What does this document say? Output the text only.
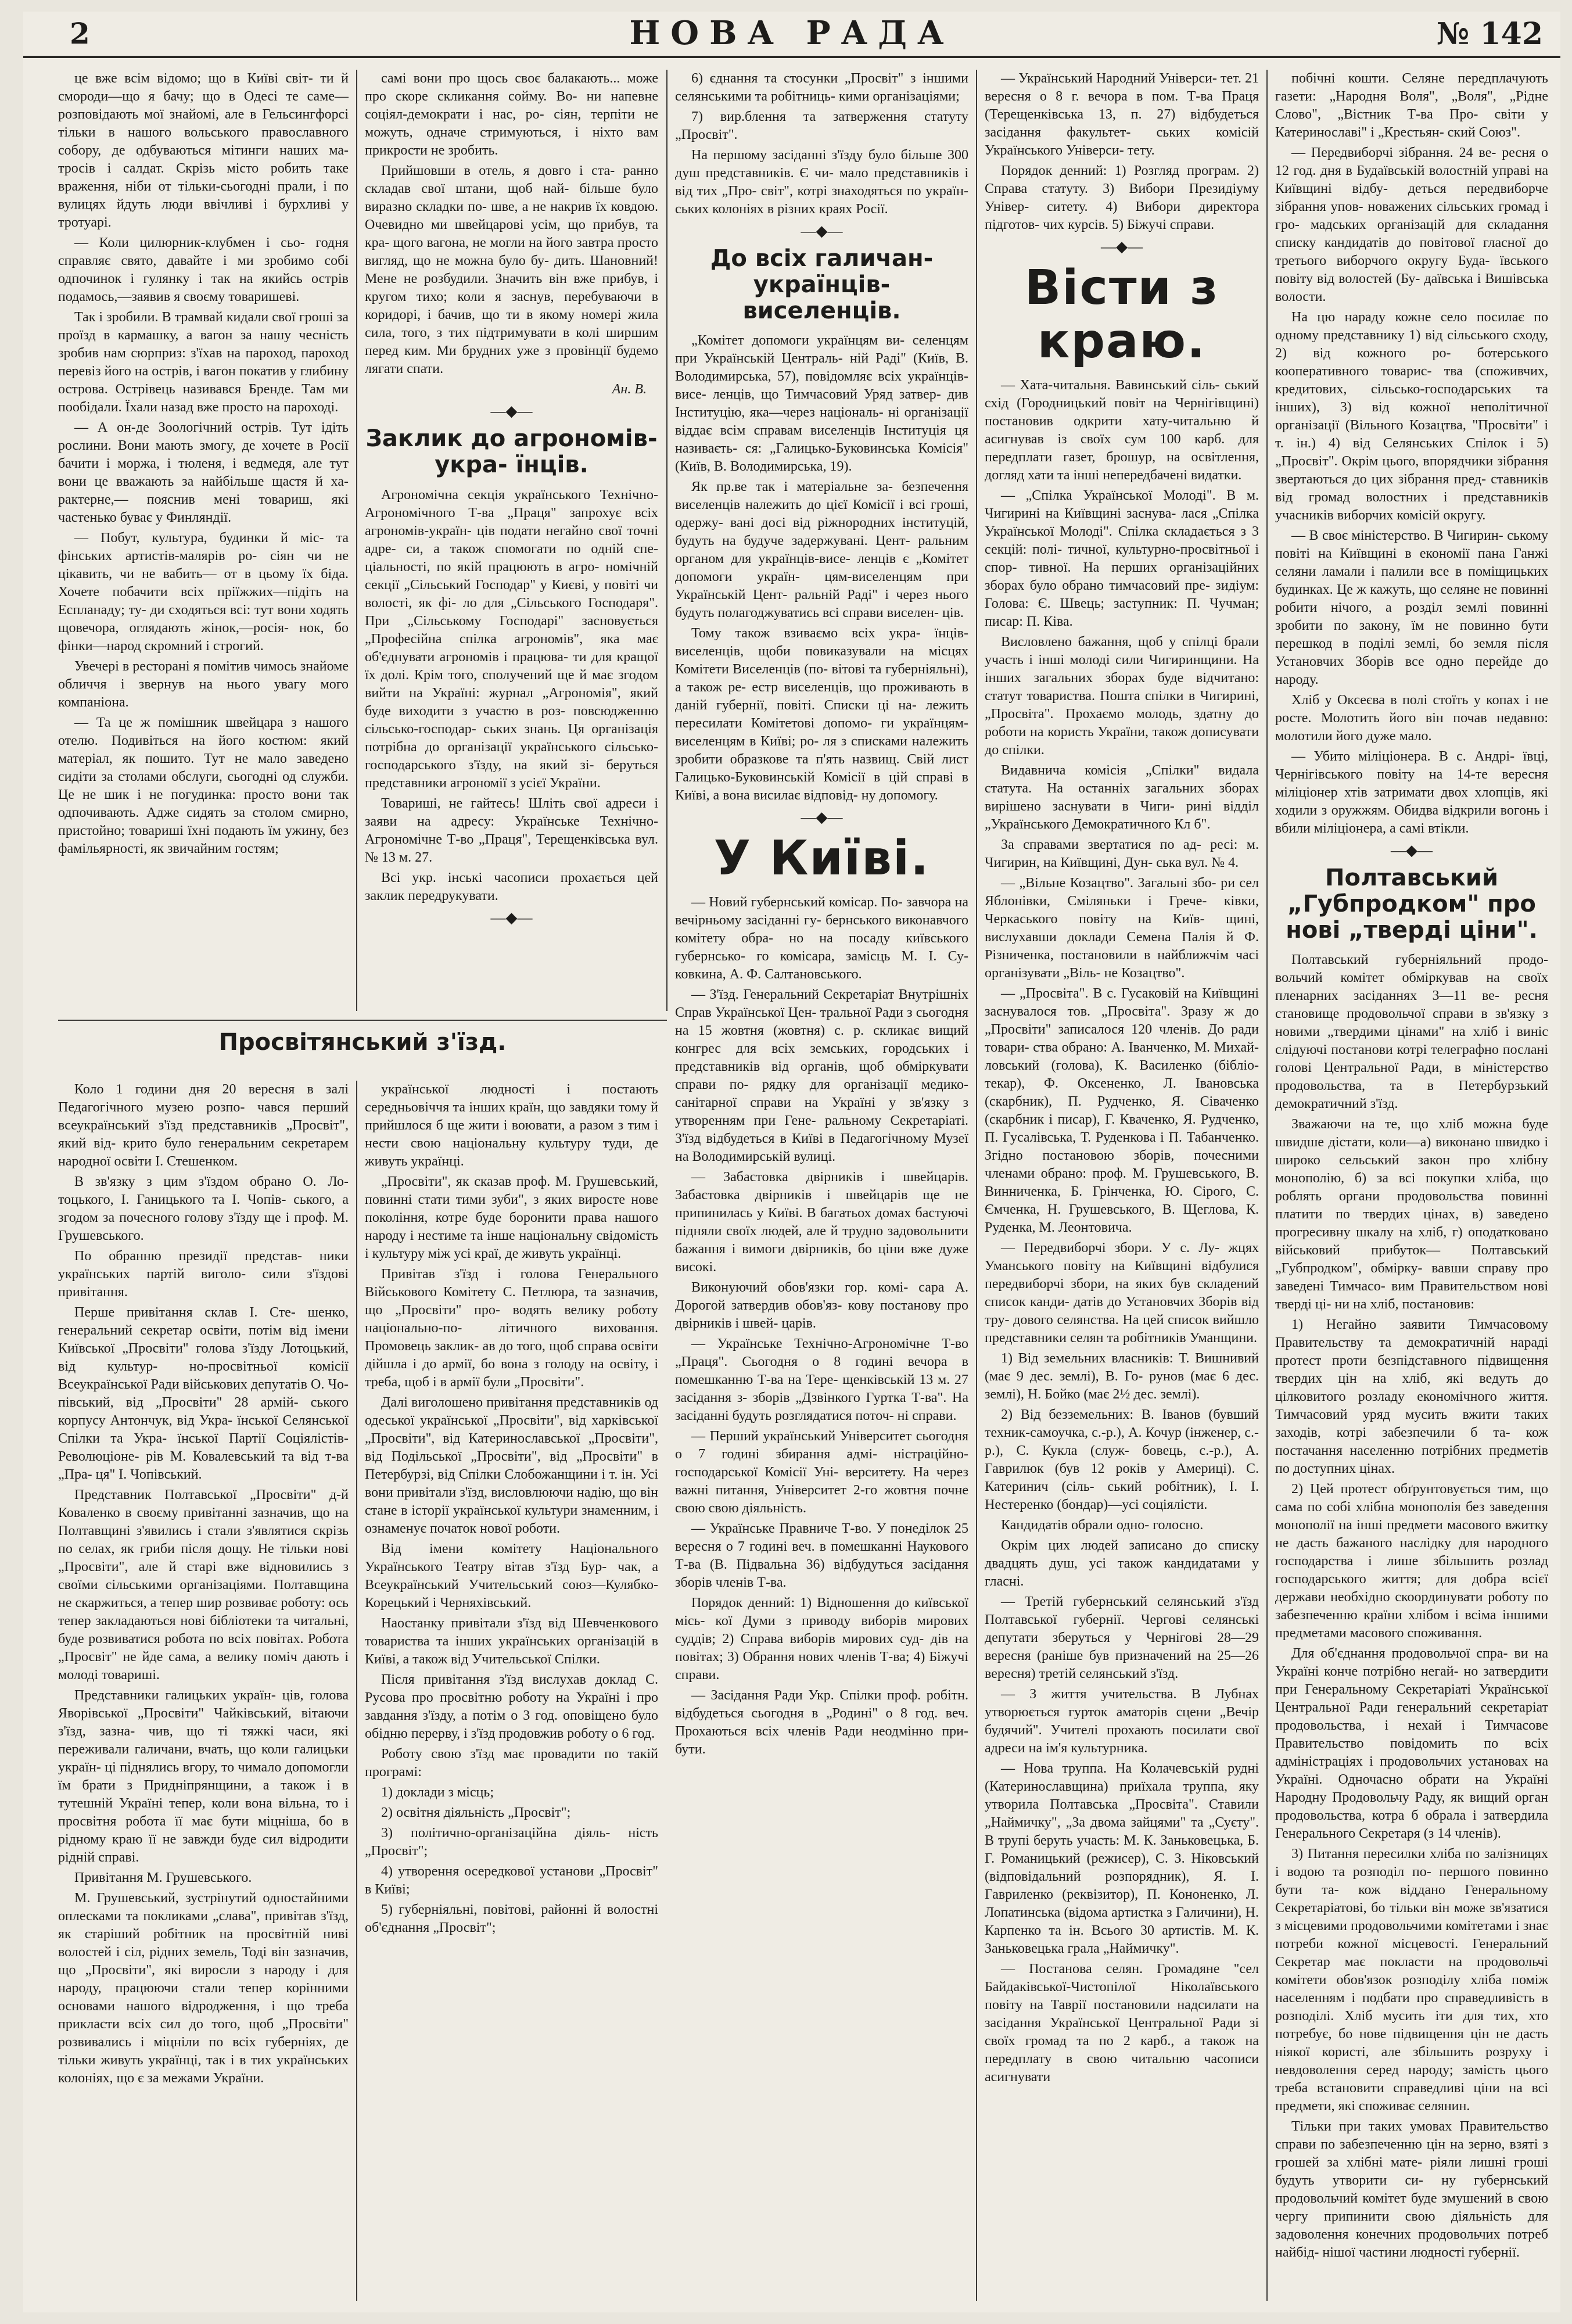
2	НОВА РАДА	№ 142

це вже всім відомо; що в Київі світ- ти й смороди—що я бачу; що в Одесі те саме—розповідають мої знайомі, але в Гельсингфорсі тільки в нашого вольського православного собору, де одбуваються мітинги наших ма- тросів і салдат. Скрізь місто робить таке враження, ніби от тільки-сьогодні прали, і по вулицях йдуть люди ввічливі і бурхливі у тротуарі.

— Коли цилюрник-клубмен і сьо- годня справляє свято, давайте і ми зробимо собі одпочинок і гулянку і так на якийсь острів подамось,—заявив я своєму товаришеві.

Так і зробили. В трамвай кидали свої гроші за проїзд в кармашку, а вагон за нашу чесність зробив нам сюрприз: з'їхав на пароход, пароход перевіз його на острів, і вагон покатив у глибину острова. Острівець називався Бренде. Там ми пообідали. Їхали назад вже просто на пароході.

— А он-де Зоологічний острів. Тут ідіть рослини. Вони мають змогу, де хочете в Росії бачити і моржа, і тюленя, і ведмедя, але тут вони це вважають за найбільше щастя й ха- рактерне,— пояснив мені товариш, які частенько буває у Финляндії.

— Побут, культура, будинки й міс- та фінських артистів-малярів ро- сіян чи не цікавить, чи не вабить— от в цьому їх біда. Хочете побачити всіх пріїжжих—підіть на Еспланаду; ту- ди сходяться всі: тут вони ходять щовечора, оглядають жінок,—росія- нок, бо фінки—народ скромний і строгий.

Увечері в ресторані я помітив чимось знайоме обличчя і звернув на нього увагу мого компаніона.

— Та це ж помішник швейцара з нашого отелю. Подивіться на його костюм: який матеріал, як пошито. Тут не мало заведено сидіти за столами обслуги, сьогодні од служби. Це не шик і не погудинка: просто вони так одпочивають. Адже сидять за столом смирно, пристойно; товариші їхні подають їм ужину, без фамільярності, як звичайним гостям;

самі вони про щось своє балакають... може про скоре скликання сойму. Во- ни напевне соціял-демократи і нас, ро- сіян, терпіти не можуть, одначе стримуються, і ніхто вам прикрости не зробить.

Прийшовши в отель, я довго і ста- ранно складав свої штани, щоб най- більше було виразно складки по- шве, а не накрив їх ковдою. Очевидно ми швейцарові усім, що прибув, та кра- щого вагона, не могли на його завтра просто вигляд, що не можна було бу- дить. Шановний! Мене не розбудили. Значить він вже прибув, і кругом тихо; коли я заснув, перебуваючи в коридорі, і бачив, що ти в якому номері жила сила, того, з тих підтримувати в колі ширшим перед ким. Ми брудних уже з провінції будемо лягати спати.

Ан. В.

—◆—
Заклик до агрономів-укра- їнців.

Агрономічна секція українського Технічно-Агрономічного Т-ва „Праця" запрохує всіх агрономів-україн- ців подати негайно свої точні адре- си, а також спомогати по одній спе- ціальності, по якій працюють в агро- номічній секції „Сільський Господар" у Києві, у повіті чи волості, як фі- ло для „Сільського Господаря". При „Сільському Господарі" засновується „Професійна спілка агрономів", яка має об'єднувати агрономів і працюва- ти для кращої їх долі. Крім того, сполучений ще й має згодом вийти на Україні: журнал „Агрономія", який буде виходити з участю в роз- повсюдженню сільсько-господар- ських знань. Ця організація потрібна до організації українського сільсько- господарського з'їзду, на який зі- беруться представники агрономії з усієї України.

Товариші, не гайтесь! Шліть свої адреси і заяви на адресу: Українське Технічно-Агрономічне Т-во „Праця", Терещенківська вул. № 13 м. 27.

Всі укр. інські часописи прохається цей заклик передрукувати.

—◆—

6) єднання та стосунки „Просвіт" з іншими селянськими та робітниць- кими організаціями;

7) вир.блення та затверження статуту „Просвіт".

На першому засіданні з'їзду було більше 300 душ представників. Є чи- мало представників і від тих „Про- світ", котрі знаходяться по україн- ських колоніях в різних краях Росії.

—◆—
До всіх галичан-українців- виселенців.

„Комітет допомоги українцям ви- селенцям при Українській Централь- ній Раді" (Київ, В. Володимирська, 57), повідомляє всіх українців-висе- ленців, що Тимчасовий Уряд затвер- див Інституцію, яка—через національ- ні організації віддає всім справам виселенців Інституція ця називаєть- ся: „Галицько-Буковинська Комісія" (Київ, В. Володимирська, 19).

Як пр.ве так і матеріальне за- безпечення виселенців належить до цієї Комісії і всі гроші, одержу- вані досі від ріжнородних інституцій, будуть на будуче задержувані. Цент- ральним органом для українців-висе- ленців є „Комітет допомоги україн- цям-виселенцям при Українській Цент- ральній Раді" і через нього будуть полагоджуватись всі справи виселен- ців.

Тому також взиваємо всіх укра- їнців-виселенців, щоби повиказували на місцях Комітети Виселенців (по- вітові та губерніяльні), а також ре- естр виселенців, що проживають в даній губернії, повіті. Списки ці на- лежить пересилати Комітетові допомо- ги українцям-виселенцям в Київі; ро- ля з списками належить зробити образкове та п'ять назвищ. Свій лист Галицько-Буковинській Комісії в цій справі в Київі, а вона висилає відповід- ну допомогу.

—◆—
У Київі.

— Новий губернський комісар. По- завчора на вечірньому засіданні гу- бернського виконавчого комітету обра- но на посаду київського губернсько- го комісара, замісць М. І. Су- ковкина, А. Ф. Салтановського.

— З'їзд. Генеральний Секретаріат Внутрішніх Справ Української Цен- тральної Ради з сьогодня на 15 жовтня (жовтня) с. р. скликає вищий конгрес для всіх земських, городських і представників від органів, щоб обміркувати справи по- рядку для організації медико-санітарної справи на Україні у зв'язку з утворенням при Гене- ральному Секретаріаті. З'їзд відбудеться в Київі в Педагогічному Музеї на Володимирській вулиці.

— Забастовка двірників і швейцарів. Забастовка двірників і швейцарів ще не припинилась у Київі. В багатьох домах бастуючі підняли своїх людей, але й трудно задовольнити бажання і вимоги двірників, бо ціни вже дуже високі.

Виконуючий обов'язки гор. комі- сара А. Дорогой затвердив обов'яз- кову постанову про двірників і швей- царів.

— Українське Технічно-Агрономічне Т-во „Праця". Сьогодня о 8 годині вечора в помешканню Т-ва на Тере- щенківській 13 м. 27 засідання з- зборів „Дзвінкого Гуртка Т-ва". На засіданні будуть розглядатися поточ- ні справи.

— Перший український Університет сьогодня о 7 годині збирання адмі- ністраційно-господарської Комісії Уні- верситету. На через важні питання, Університет 2-го жовтня почне свою свою діяльність.

— Українське Правниче Т-во. У понеділок 25 вересня о 7 годині веч. в помешканні Наукового Т-ва (В. Підвальна 36) відбудуться засідання зборів членів Т-ва.

Порядок денний: 1) Відношення до київської місь- кої Думи з приводу виборів мирових суддів; 2) Справа виборів мирових суд- дів на повітах; 3) Обрання нових членів Т-ва; 4) Біжучі справи.

— Засідання Ради Укр. Спілки проф. робітн. відбудеться сьогодня в „Родині" о 8 год. веч. Прохаються всіх членів Ради неодмінно при- бути.

— Український Народний Універси- тет. 21 вересня о 8 г. вечора в пом. Т-ва Праця (Терещенківська 13, п. 27) відбудеться засідання факультет- ських комісій Українського Універси- тету.

Порядок денний: 1) Розгляд програм. 2) Справа статуту. 3) Вибори Президіуму Універ- ситету. 4) Вибори директора підготов- чих курсів. 5) Біжучі справи.

—◆—
Вісти з краю.

— Хата-читальня. Вавинський сіль- ський схід (Городницький повіт на Чернігівщині) постановив одкрити хату-читальню й асигнував із своїх сум 100 карб. для передплати газет, брошур, на освітлення, догляд хати та інші непередбачені видатки.

— „Спілка Української Молоді". В м. Чигирині на Київщині заснува- лася „Спілка Української Молоді". Спілка складається з 3 секцій: полі- тичної, культурно-просвітньої і спор- тивної. На перших організаційних зборах було обрано тимчасовий пре- зидіум: Голова: Є. Швець; заступник: П. Чучман; писар: П. Ківа.

Висловлено бажання, щоб у спілці брали участь і інші молоді сили Чигиринщини. На інших загальних зборах буде відчитано: статут товариства. Пошта спілки в Чигирині, „Просвіта". Прохаємо молодь, здатну до роботи на користь України, також дописувати до спілки.

Видавнича комісія „Спілки" видала статута. На останніх загальних зборах вирішено заснувати в Чиги- рині відділ „Українського Демократичного Кл б".

За справами звертатися по ад- ресі: м. Чигирин, на Київщині, Дун- ська вул. № 4.

— „Вільне Козацтво". Загальні збо- ри сел Яблонівки, Сміляньки і Грече- ківки, Черкаського повіту на Київ- щині, вислухавши доклади Семена Палія й Ф. Різниченка, постановили в найближчім часі організувати „Віль- не Козацтво".

— „Просвіта". В с. Гусаковій на Київщині заснувалося тов. „Просвіта". Зразу ж до „Просвіти" записалося 120 членів. До ради товари- ства обрано: А. Іванченко, М. Михай- ловський (голова), К. Василенко (бібліо- текар), Ф. Оксененко, Л. Івановська (скарбник), П. Рудченко, Я. Сіваченко (скарбник і писар), Г. Кваченко, Я. Рудченко, П. Гусалівська, Т. Руденкова і П. Табанченко. Згідно постановою зборів, почесними членами обрано: проф. М. Грушевського, В. Винниченка, Б. Грінченка, Ю. Сірого, С. Ємченка, Н. Грушевського, В. Щеглова, К. Руденка, М. Леонтовича.

— Передвиборчі збори. У с. Лу- жцях Уманського повіту на Київщині відбулися передвиборчі збори, на яких був складений список канди- датів до Установчих Зборів від тру- дового селянства. На цей список вийшло представники селян та робітників Уманщини.

1) Від земельних власників: Т. Вишнивий (має 9 дес. землі), В. Го- рунов (має 6 дес. землі), Н. Бойко (має 2½ дес. землі).

2) Від безземельних: В. Іванов (бувший техник-самоучка, с.-р.), А. Кочур (інженер, с.-р.), С. Кукла (служ- бовець, с.-р.), А. Гаврилюк (був 12 років у Америці). С. Катеринич (сіль- ський робітник), І. І. Нестеренко (бондар)—усі соціялісти.

Кандидатів обрали одно- голосно.

Окрім цих людей записано до списку двадцять душ, усі також кандидатами у гласні.

— Третій губернський селянський з'їзд Полтавської губернії. Чергові селянські депутати зберуться у Чернігові 28—29 вересня (раніше був призначений на 25—26 вересня) третій селянський з'їзд.

— З життя учительства. В Лубнах утворюється гурток аматорів сцени „Вечір будячий". Учителі прохають посилати свої адреси на ім'я культурника.

— Нова труппа. На Колачевській рудні (Катеринославщина) приїхала труппа, яку утворила Полтавська „Просвіта". Ставили „Наймичку", „За двома зайцями" та „Суєту". В трупі беруть участь: М. К. Заньковецька, Б. Г. Романицький (режисер), С. З. Ніковський (відповідальний розпорядник), Я. І. Гавриленко (реквізитор), П. Кононенко, Л. Лопатинська (відома артистка з Галичини), Н. Карпенко та ін. Всього 30 артистів. М. К. Заньковецька грала „Наймичку".

— Постанова селян. Громадяне "сел Байдаківської-Чистопілої Ніколаївського повіту на Таврії постановили надсилати на засідання Української Центральної Ради зі своїх громад та по 2 карб., а також на передплату в свою читальню часописи асигнувати

побічні кошти. Селяне передплачують газети: „Народня Воля", „Воля", „Рідне Слово", „Вістник Т-ва Про- світи у Катеринославі" і „Крестьян- ский Союз".

— Передвиборчі зібрання. 24 ве- ресня о 12 год. дня в Будаївській волостній управі на Київщині відбу- деться передвиборче зібрання упов- новажених сільських громад і гро- мадських організацій для складання списку кандидатів до повітової гласної до третього виборчого округу Буда- ївського повіту від волостей (Бу- даївська і Вишівська волости.

На цю нараду кожне село посилає по одному представнику 1) від сільського сходу, 2) від кожного ро- ботерського кооперативного товарис- тва (споживчих, кредитових, сільсько-господарських та інших), 3) від кожної неполітичної організації (Вільного Козацтва, "Просвіти" і т. ін.) 4) від Селянських Спілок і 5) „Просвіт". Окрім цього, впорядчики зібрання звертаються до цих зібрання пред- ставників від громад волостних і представників учасників виборчих комісій округу.

— В своє міністерство. В Чигирин- ському повіті на Київщині в економії пана Ганжі селяни ламали і палили все в поміщицьких будинках. Це ж кажуть, що селяне не повинні робити нічого, а розділ землі повинні зробити по закону, їм не повинно бути перешкод в поділі землі, бо земля після Установчих Зборів все одно перейде до народу.

Хліб у Оксеєва в полі стоїть у копах і не росте. Молотить його він почав недавно: молотили його дуже мало.

— Убито міліціонера. В с. Андрі- ївці, Чернігівського повіту на 14-те вересня міліціонер хтів затримати двох хлопців, які ходили з оружжям. Обидва відкрили вогонь і вбили міліціонера, а самі втікли.

—◆—
Полтавський „Губпродком" про нові „тверді ціни".

Полтавський губерніяльний продо- вольчий комітет обміркував на своїх пленарних засіданнях 3—11 ве- ресня становище продовольчої справи в зв'язку з новими „твердими цінами" на хліб і виніс слідуючі постанови котрі телеграфно послані голові Центральної Ради, в міністерство продовольства, та в Петербурзький демократичний з'їзд.

Зважаючи на те, що хліб можна буде швидше дістати, коли—а) виконано швидко і широко сельський закон про хлібну монополію, б) за всі покупки хліба, що роблять органи продовольства повинні платити по твердих цінах, в) заведено прогресивну шкалу на хліб, г) оподатковано військовий прибуток— Полтавський „Губпродком", обмірку- вавши справу про заведені Тимчасо- вим Правительством нові тверді ці- ни на хліб, постановив:

1) Негайно заявити Тимчасовому Правительству та демократичній нараді протест проти безпідставного підвищення твердих цін на хліб, які ведуть до цілковитого розладу економічного життя. Тимчасовий уряд мусить вжити таких заходів, котрі забезпечили б та- кож постачання населенню потрібних предметів по доступних цінах.

2) Цей протест обґрунтовується тим, що сама по собі хлібна монополія без заведення монополії на інші предмети масового вжитку не дасть бажаного наслідку для народного господарства і лише збільшить розлад господарського життя; для добра всієї держави необхідно скоординувати роботу по забезпеченню країни хлібом і всіма іншими предметами масового споживання.

Для об'єднання продовольчої спра- ви на Україні конче потрібно негай- но затвердити при Генеральному Секретаріаті Української Центральної Ради генеральний секретаріат продовольства, і нехай і Тимчасове Правительство повідомить по всіх адміністраціях і продовольчих установах на Україні. Одночасно обрати на Україні Народну Продовольчу Раду, як вищий орган продовольства, котра б обрала і затвердила Генерального Секретаря (з 14 членів).

3) Питання пересилки хліба по залізницях і водою та розподіл по- першого повинно бути та- кож віддано Генеральному Секретаріатові, бо тільки він може зв'язатися з місцевими продовольчими комітетами і знає потреби кожної місцевості. Генеральний Секретар має покласти на продовольчі комітети обов'язок розподілу хліба поміж населенням і подбати про справедливість в розподілі. Хліб мусить іти для тих, хто потребує, бо нове підвищення цін не дасть ніякої користі, але збільшить розруху і невдоволення серед народу; замість цього треба встановити справедливі ціни на всі предмети, які споживає селянин.

Тільки при таких умовах Правительство справи по забезпеченню цін на зерно, взяті з грошей за хлібні мате- ріяли лишні гроші будуть утворити си- ну губернський продовольчий комітет буде змушений в свою чергу припинити свою діяльність для задоволення конечних продовольчих потреб найбід- нішої частини людності губернії.

Просвітянський з'їзд.

Коло 1 години дня 20 вересня в залі Педагогічного музею розпо- чався перший всеукраїнський з'їзд представників „Просвіт", який від- крито було генеральним секретарем народної освіти І. Стешенком.

В зв'язку з цим з'їздом обрано О. Ло- тоцького, І. Ганицького та І. Чопів- ського, а згодом за почесного голову з'їзду ще і проф. М. Грушевського.

По обранню президії представ- ники українських партій виголо- сили з'їздові привітання.

Перше привітання склав І. Сте- шенко, генеральний секретар освіти, потім від імени Київської „Просвіти" голова з'їзду Лотоцький, від культур- но-просвітньої комісії Всеукраїнської Ради військових депутатів О. Чо- півський, від „Просвіти" 28 армій- ського корпусу Антончук, від Укра- їнської Селянської Спілки та Укра- їнської Партії Соціялістів-Революціоне- рів М. Ковалевський та від т-ва „Пра- ця" І. Чопівський.

Представник Полтавської „Просвіти" д-й Коваленко в своєму привітанні зазначив, що на Полтавщині з'явились і стали з'являтися скрізь по селах, як гриби після дощу. Не тільки нові „Просвіти", але й старі вже відновились з своїми сільськими організаціями. Полтавщина не скаржиться, а тепер шир розвиває роботу: ось тепер закладаються нові бібліотеки та читальні, буде розвиватися робота по всіх повітах. Робота „Просвіт" не йде сама, а велику поміч дають і молоді товариші.

Представники галицьких україн- ців, голова Яворівської „Просвіти" Чайківський, вітаючи з'їзд, зазна- чив, що ті тяжкі часи, які переживали галичани, вчать, що коли галицьки україн- ці піднялись вгору, то чимало допомогли їм брати з Придніпрянщини, а також і в тутешній Україні тепер, коли вона вільна, то і просвітня робота її має бути міцніша, бо в рідному краю її не завжди буде сил відродити рідній справі.

Привітання М. Грушевського.

М. Грушевський, зустрінутий одностайними оплесками та покликами „слава", привітав з'їзд, як старіший робітник на просвітній ниві волостей і сіл, рідних земель, Тоді він зазначив, що „Просвіти", які виросли з народу і для народу, працюючи стали тепер корінними основами нашого відродження, і що треба прикласти всіх сил до того, щоб „Просвіти" розвивались і міцніли по всіх губерніях, де тільки живуть українці, так і в тих українських колоніях, що є за межами України.

української людності і постають середньовіччя та інших країн, що завдяки тому й прийшлося б ще жити і воювати, а разом з тим і нести свою національну культуру туди, де живуть українці.

„Просвіти", як сказав проф. М. Грушевський, повинні стати тими зуби", з яких виросте нове покоління, котре буде боронити права нашого народу і нестиме та інше національну свідомість і культуру між усі краї, де живуть українці.

Привітав з'їзд і голова Генерального Військового Комітету С. Петлюра, та зазначив, що „Просвіти" про- водять велику роботу національно-по- літичного виховання. Промовець заклик- ав до того, щоб справа освіти дійшла і до армії, бо вона з голоду на освіту, і треба, щоб і в армії були „Просвіти".

Далі виголошено привітання представників од одеської української „Просвіти", від харківської „Просвіти", від Катеринославської „Просвіти", від Подільської „Просвіти", від „Просвіти" в Петербурзі, від Спілки Слобожанщини і т. ін. Усі вони привітали з'їзд, висловлюючи надію, що він стане в історії української культури знаменним, і ознаменує початок нової роботи.

Від імени комітету Національного Українського Театру вітав з'їзд Бур- чак, а Всеукраїнський Учительський союз—Кулябко-Корецький і Черняхівський.

Наостанку привітали з'їзд від Шевченкового товариства та інших українських організацій в Київі, а також від Учительської Спілки.

Після привітання з'їзд вислухав доклад С. Русова про просвітню роботу на Україні і про завдання з'їзду, а потім о 3 год. оповіщено було обідню перерву, і з'їзд продовжив роботу о 6 год.

Роботу свою з'їзд має провадити по такій програмі:

1) доклади з місць;

2) освітня діяльність „Просвіт";

3) політично-організаційна діяль- ність „Просвіт";

4) утворення осередкової установи „Просвіт" в Київі;

5) губерніяльні, повітові, районні й волостні об'єднання „Просвіт";
